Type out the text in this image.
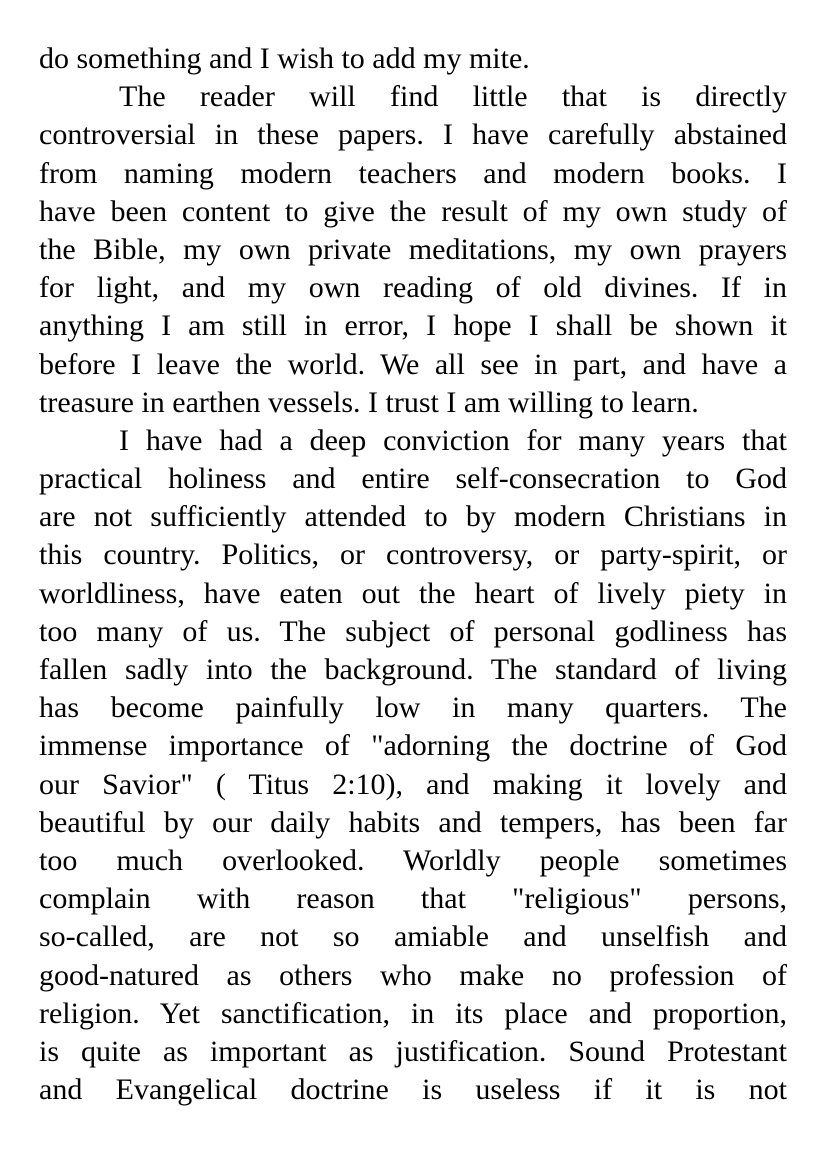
do something and I wish to add my mite.
The reader will find little that is directly
controversial in these papers. I have carefully abstained
from naming modern teachers and modern books. I
have been content to give the result of my own study of
the Bible, my own private meditations, my own prayers
for light, and my own reading of old divines. If in
anything I am still in error, I hope I shall be shown it
before I leave the world. We all see in part, and have a
treasure in earthen vessels. I trust I am willing to learn.
I have had a deep conviction for many years that
practical holiness and entire self-consecration to God
are not sufficiently attended to by modern Christians in
this country. Politics, or controversy, or party-spirit, or
worldliness, have eaten out the heart of lively piety in
too many of us. The subject of personal godliness has
fallen sadly into the background. The standard of living
has become painfully low in many quarters. The
immense importance of "adorning the doctrine of God
our Savior" ( Titus 2:10), and making it lovely and
beautiful by our daily habits and tempers, has been far
too much overlooked. Worldly people sometimes
complain with reason that "religious" persons,
so-called, are not so amiable and unselfish and
good-natured as others who make no profession of
religion. Yet sanctification, in its place and proportion,
is quite as important as justification. Sound Protestant
and Evangelical doctrine is useless if it is not
